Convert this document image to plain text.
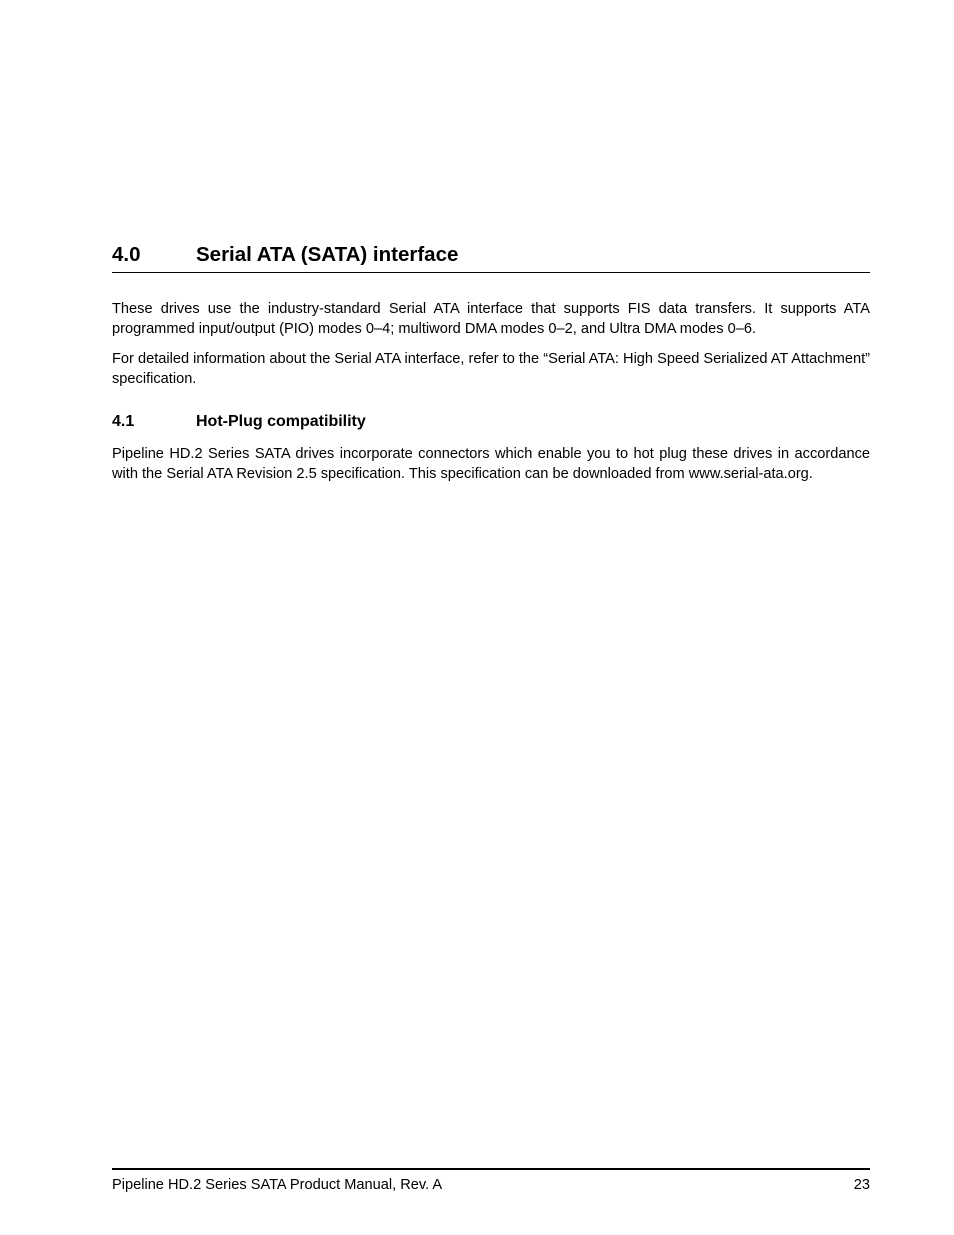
4.0	Serial ATA (SATA) interface

These drives use the industry-standard Serial ATA interface that supports FIS data transfers. It supports ATA programmed input/output (PIO) modes 0–4; multiword DMA modes 0–2, and Ultra DMA modes 0–6.

For detailed information about the Serial ATA interface, refer to the “Serial ATA: High Speed Serialized AT Attachment” specification.

4.1	Hot-Plug compatibility

Pipeline HD.2 Series SATA drives incorporate connectors which enable you to hot plug these drives in accordance with the Serial ATA Revision 2.5 specification. This specification can be downloaded from www.serial-ata.org.

Pipeline HD.2 Series SATA Product Manual, Rev. A	23
